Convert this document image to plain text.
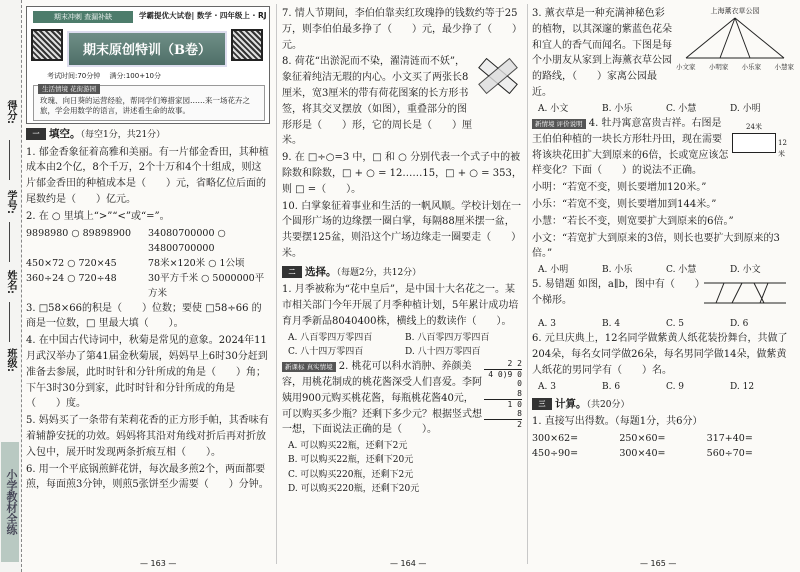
得分:
学号:
姓名:
班级:
小学教材全练
期末冲刺 查漏补缺	学霸提优大试卷| 数学 · 四年级上 · RJ
期末原创特训（B卷）
考试时间:70分钟　 满分:100+10分
生活情境 花街游园
玫瑰、向日葵的运营经验，帮同学们筹措家园……来一场花卉之旅，学会用数学的语言，讲述看生命的故事。
一 填空。（每空1分，共21分）

1. 郁金香象征着高雅和美丽。有一片郁金香田，其种植成本由2个亿，8个千万，2个十万和4个十组成，则这片郁金香田的种植成本是（　　）元，省略亿位后面的尾数约是（　　）亿元。

2. 在 ○ 里填上“>”“<”或“=”。

9898980 ○ 89898900	34080700000 ○ 34800700000
450×72 ○ 720×45	78米×120米 ○ 1公顷
360÷24 ○ 720÷48	30平方千米 ○ 5000000平方米

3. □58×66的积是（　　）位数；要使 □58÷66 的商是一位数，□ 里最大填（　　）。

4. 在中国古代诗词中，秋菊是常见的意象。2024年11月武汉举办了第41届金秋菊展，妈妈早上6时30分赶到准备去参展，此时时针和分针所成的角是（　　）角；下午3时30分到家，此时时针和分针所成的角是（　　）度。

5. 妈妈买了一条带有茉莉花香的正方形手帕，其香味有着辅静安抚的功效。妈妈将其沿对角线对折后再对折放入包中，展开时发现两条折痕互相（　　）。

6. 用一个平底锅煎鲜花饼，每次最多煎2个，两面都要煎，每面煎3分钟，则煎5张饼至少需要（　　）分钟。

— 163 —

7. 情人节期间，李伯伯靠卖红玫瑰挣的钱数约等于25万，则李伯伯最多挣了（　　）元，最少挣了（　　）元。

8. 荷花“出淤泥而不染，濯清涟而不妖”，象征着纯洁无瑕的内心。小文买了两张长8厘米，宽3厘米的带有荷花图案的长方形书签，将其交叉摆放（如图），重叠部分的图形形是（　　）形，它的周长是（　　）厘米。

9. 在 □÷○=3 中，□ 和 ○ 分别代表一个式子中的被除数和除数，□ + ○ = 12……15，□ + ○ = 353，则 □ =（　　）。

10. 白掌象征着事业和生活的一帆风顺。学校计划在一个圆形广场的边缘摆一圈白掌，每隔88厘米摆一盆，共要摆125盆，则沿这个广场边缘走一圈要走（　　）米。

二 选择。（每题2分，共12分）

1. 月季被称为“花中皇后”，是中国十大名花之一。某市相关部门今年开展了月季种植计划，5年累计成功培育月季新品8040400株，横线上的数读作（　　）。

A. 八百零四万零四百	B. 八百零四万零四百
C. 八十四万零四百	D. 八十四万零四百

新课标 真实情境 2. 桃花可以科水消肿、养颜美容，用桃花制成的桃花酱深受人们喜爱。李阿姨用900元购买桃花酱，每瓶桃花酱40元，可以购买多少瓶？还剩下多少元？根据竖式想一想，下面说法正确的是（　　）。

2 2
4 0)9 0 0
8
1 0
8
2
A. 可以购买22瓶，还剩下2元
B. 可以购买22瓶，还剩下20元
C. 可以购买220瓶，还剩下2元
D. 可以购买220瓶，还剩下20元
— 164 —

3. 薰衣草是一种充满神秘色彩的植物，以其深邃的紫蓝色花朵和宜人的香气而闻名。下图是每个小朋友从家到上海薰衣草公园的路线，（　　）家离公园最近。

上海薰衣草公园
小文家 小明家 小乐家 小慧家
A. 小文	B. 小乐	C. 小慧	D. 小明

新情境 评价说明 4. 牡丹寓意富贵吉祥。右图是王伯伯种植的一块长方形牡丹田，现在需要将该块花田扩大到原来的6倍，长或宽应该怎样变化？下面（　　）的说法不正确。

24米
12米

小明：“若宽不变，则长要增加120米。”

小乐：“若宽不变，则长要增加到144米。”

小慧：“若长不变，则宽要扩大到原来的6倍。”

小文：“若宽扩大到原来的3倍，则长也要扩大到原来的3倍。”

A. 小明	B. 小乐	C. 小慧	D. 小文

5. 易错题 如图，a∥b，图中有（　　）个梯形。

A. 3	B. 4	C. 5	D. 6

6. 元旦庆典上，12名同学做紫黄人纸花装扮舞台，共做了204朵，每名女同学做26朵，每名男同学做14朵，做紫黄人纸花的男同学有（　　）名。

A. 3	B. 6	C. 9	D. 12
三 计算。（共20分）

1. 直接写出得数。（每题1分，共6分）

300×62=	250×60=	317+40=
450÷90=	300×40=	560÷70=
— 165 —
